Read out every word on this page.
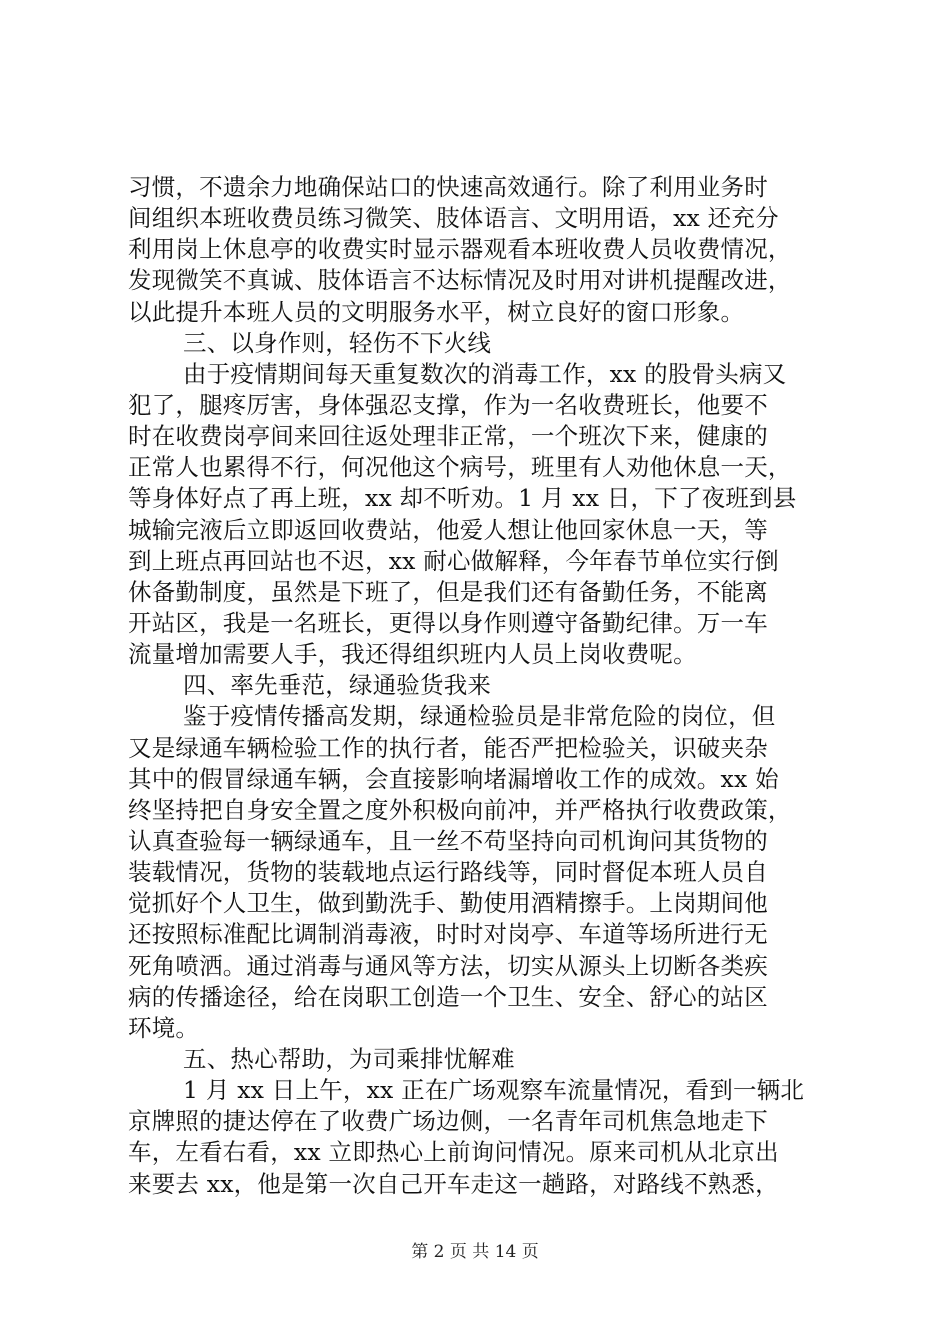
习惯，不遗余力地确保站口的快速高效通行。除了利用业务时
间组织本班收费员练习微笑、肢体语言、文明用语，xx 还充分
利用岗上休息亭的收费实时显示器观看本班收费人员收费情况，
发现微笑不真诚、肢体语言不达标情况及时用对讲机提醒改进，
以此提升本班人员的文明服务水平，树立良好的窗口形象。
三、以身作则，轻伤不下火线
由于疫情期间每天重复数次的消毒工作，xx 的股骨头病又
犯了，腿疼厉害，身体强忍支撑，作为一名收费班长，他要不
时在收费岗亭间来回往返处理非正常，一个班次下来，健康的
正常人也累得不行，何况他这个病号，班里有人劝他休息一天，
等身体好点了再上班，xx 却不听劝。1 月 xx 日，下了夜班到县
城输完液后立即返回收费站，他爱人想让他回家休息一天，等
到上班点再回站也不迟，xx 耐心做解释，今年春节单位实行倒
休备勤制度，虽然是下班了，但是我们还有备勤任务，不能离
开站区，我是一名班长，更得以身作则遵守备勤纪律。万一车
流量增加需要人手，我还得组织班内人员上岗收费呢。
四、率先垂范，绿通验货我来
鉴于疫情传播高发期，绿通检验员是非常危险的岗位，但
又是绿通车辆检验工作的执行者，能否严把检验关，识破夹杂
其中的假冒绿通车辆，会直接影响堵漏增收工作的成效。xx 始
终坚持把自身安全置之度外积极向前冲，并严格执行收费政策，
认真查验每一辆绿通车，且一丝不苟坚持向司机询问其货物的
装载情况，货物的装载地点运行路线等，同时督促本班人员自
觉抓好个人卫生，做到勤洗手、勤使用酒精擦手。上岗期间他
还按照标准配比调制消毒液，时时对岗亭、车道等场所进行无
死角喷洒。通过消毒与通风等方法，切实从源头上切断各类疾
病的传播途径，给在岗职工创造一个卫生、安全、舒心的站区
环境。
五、热心帮助，为司乘排忧解难
1 月 xx 日上午，xx 正在广场观察车流量情况，看到一辆北
京牌照的捷达停在了收费广场边侧，一名青年司机焦急地走下
车，左看右看，xx 立即热心上前询问情况。原来司机从北京出
来要去 xx，他是第一次自己开车走这一趟路，对路线不熟悉，
第 2 页 共 14 页
